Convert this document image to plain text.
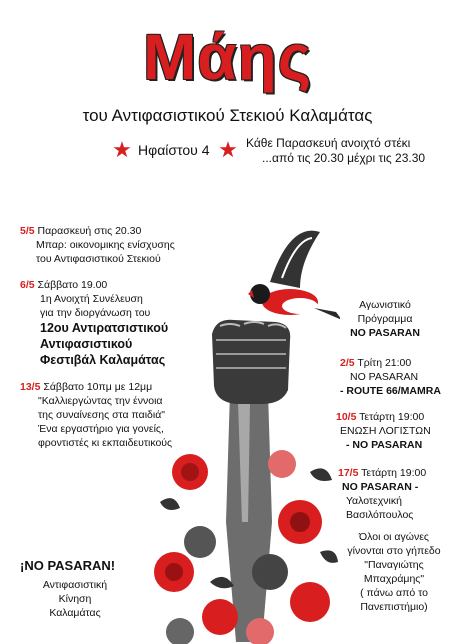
Μάης
του Αντιφασιστικού Στεκιού Καλαμάτας
★ Ηφαίστου 4 ★ Κάθε Παρασκευή ανοιχτό στέκι
...από τις 20.30 μέχρι τις 23.30
5/5 Παρασκευή στις 20.30
Μπαρ: οικονομικης ενίσχυσης
του Αντιφασιστικού Στεκιού
6/5 Σάββατο 19.00
1η Ανοιχτή Συνέλευση
για την διοργάνωση του
12ου Αντιρατσιστικού
Αντιφασιστικού
Φεστιβάλ Καλαμάτας
13/5 Σάββατο 10πμ με 12μμ
"Καλλιεργώντας την έννοια
της συναίνεσης στα παιδιά"
Ένα εργαστήριο για γονείς,
φροντιστές κι εκπαιδευτικούς
¡NO PASARAN!
Αντιφασιστική
Κίνηση
Καλαμάτας
Αγωνιστικό
Πρόγραμμα
NO PASARAN
2/5 Τρίτη 21:00
NO PASARAN
- ROUTE 66/MAMRA
10/5 Τετάρτη 19:00
ΕΝΩΣΗ ΛΟΓΙΣΤΩΝ
- NO PASARAN
17/5 Τετάρτη 19:00
NO PASARAN -
Υαλοτεχνική
Βασιλόπουλος
Όλοι οι αγώνες
γίνονται στο γήπεδο
"Παναγιώτης
Μπαχράμης"
( πάνω από το
Πανεπιστήμιο)
